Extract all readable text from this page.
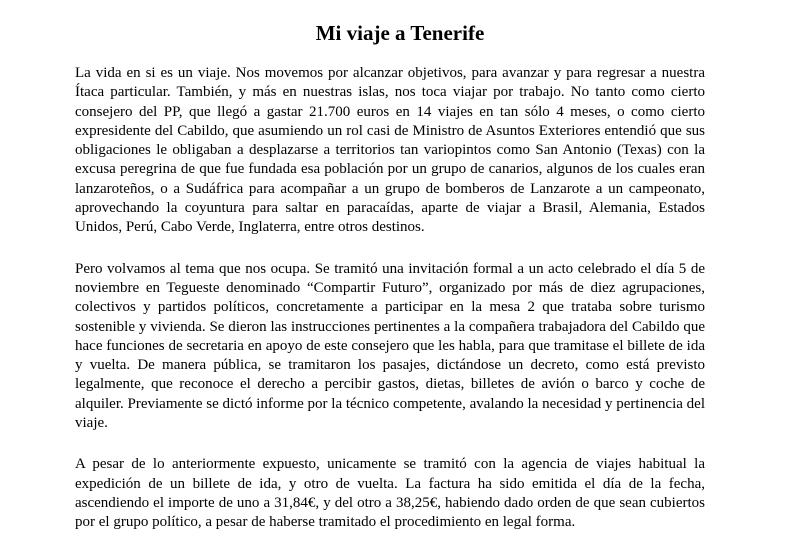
Mi viaje a Tenerife

La vida en si es un viaje. Nos movemos por alcanzar objetivos, para avanzar y para regresar a nuestra Ítaca particular. También, y más en nuestras islas, nos toca viajar por trabajo. No tanto como cierto consejero del PP, que llegó a gastar 21.700 euros en 14 viajes en tan sólo 4 meses, o como cierto expresidente del Cabildo, que asumiendo un rol casi de Ministro de Asuntos Exteriores entendió que sus obligaciones le obligaban a desplazarse a territorios tan variopintos como San Antonio (Texas) con la excusa peregrina de que fue fundada esa población por un grupo de canarios, algunos de los cuales eran lanzaroteños, o a Sudáfrica para acompañar a un grupo de bomberos de Lanzarote a un campeonato, aprovechando la coyuntura para saltar en paracaídas, aparte de viajar a Brasil, Alemania, Estados Unidos, Perú, Cabo Verde, Inglaterra, entre otros destinos.

Pero volvamos al tema que nos ocupa. Se tramitó una invitación formal a un acto celebrado el día 5 de noviembre en Tegueste denominado “Compartir Futuro”, organizado por más de diez agrupaciones, colectivos y partidos políticos, concretamente a participar en la mesa 2 que trataba sobre turismo sostenible y vivienda. Se dieron las instrucciones pertinentes a la compañera trabajadora del Cabildo que hace funciones de secretaria en apoyo de este consejero que les habla, para que tramitase el billete de ida y vuelta. De manera pública, se tramitaron los pasajes, dictándose un decreto, como está previsto legalmente, que reconoce el derecho a percibir gastos, dietas, billetes de avión o barco y coche de alquiler. Previamente se dictó informe por la técnico competente, avalando la necesidad y pertinencia del viaje.

A pesar de lo anteriormente expuesto, unicamente se tramitó con la agencia de viajes habitual la expedición de un billete de ida, y otro de vuelta. La factura ha sido emitida el día de la fecha, ascendiendo el importe de uno a 31,84€, y del otro a 38,25€, habiendo dado orden de que sean cubiertos por el grupo político, a pesar de haberse tramitado el procedimiento en legal forma.
